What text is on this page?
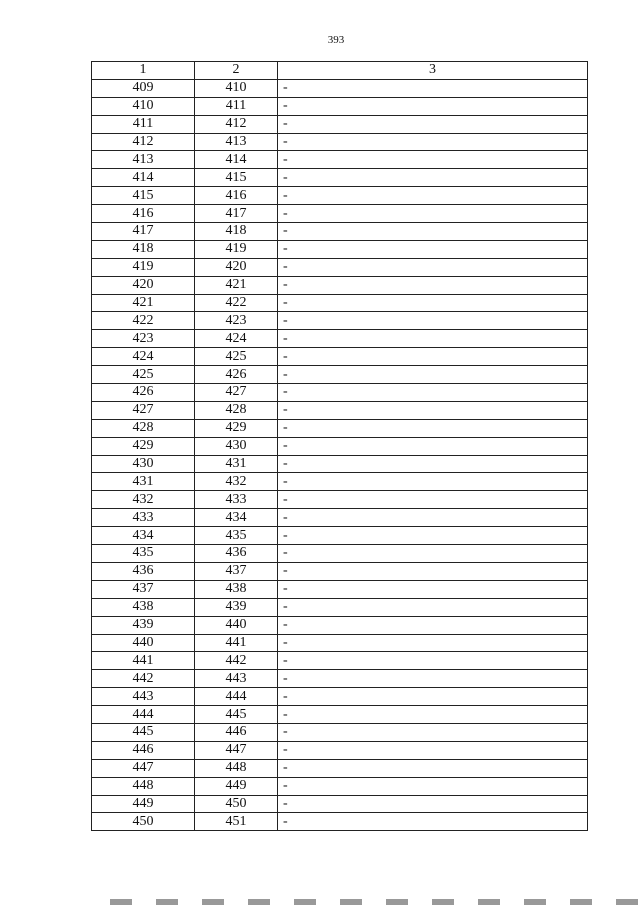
393
1	2	3
409	410	-
410	411	-
411	412	-
412	413	-
413	414	-
414	415	-
415	416	-
416	417	-
417	418	-
418	419	-
419	420	-
420	421	-
421	422	-
422	423	-
423	424	-
424	425	-
425	426	-
426	427	-
427	428	-
428	429	-
429	430	-
430	431	-
431	432	-
432	433	-
433	434	-
434	435	-
435	436	-
436	437	-
437	438	-
438	439	-
439	440	-
440	441	-
441	442	-
442	443	-
443	444	-
444	445	-
445	446	-
446	447	-
447	448	-
448	449	-
449	450	-
450	451	-
